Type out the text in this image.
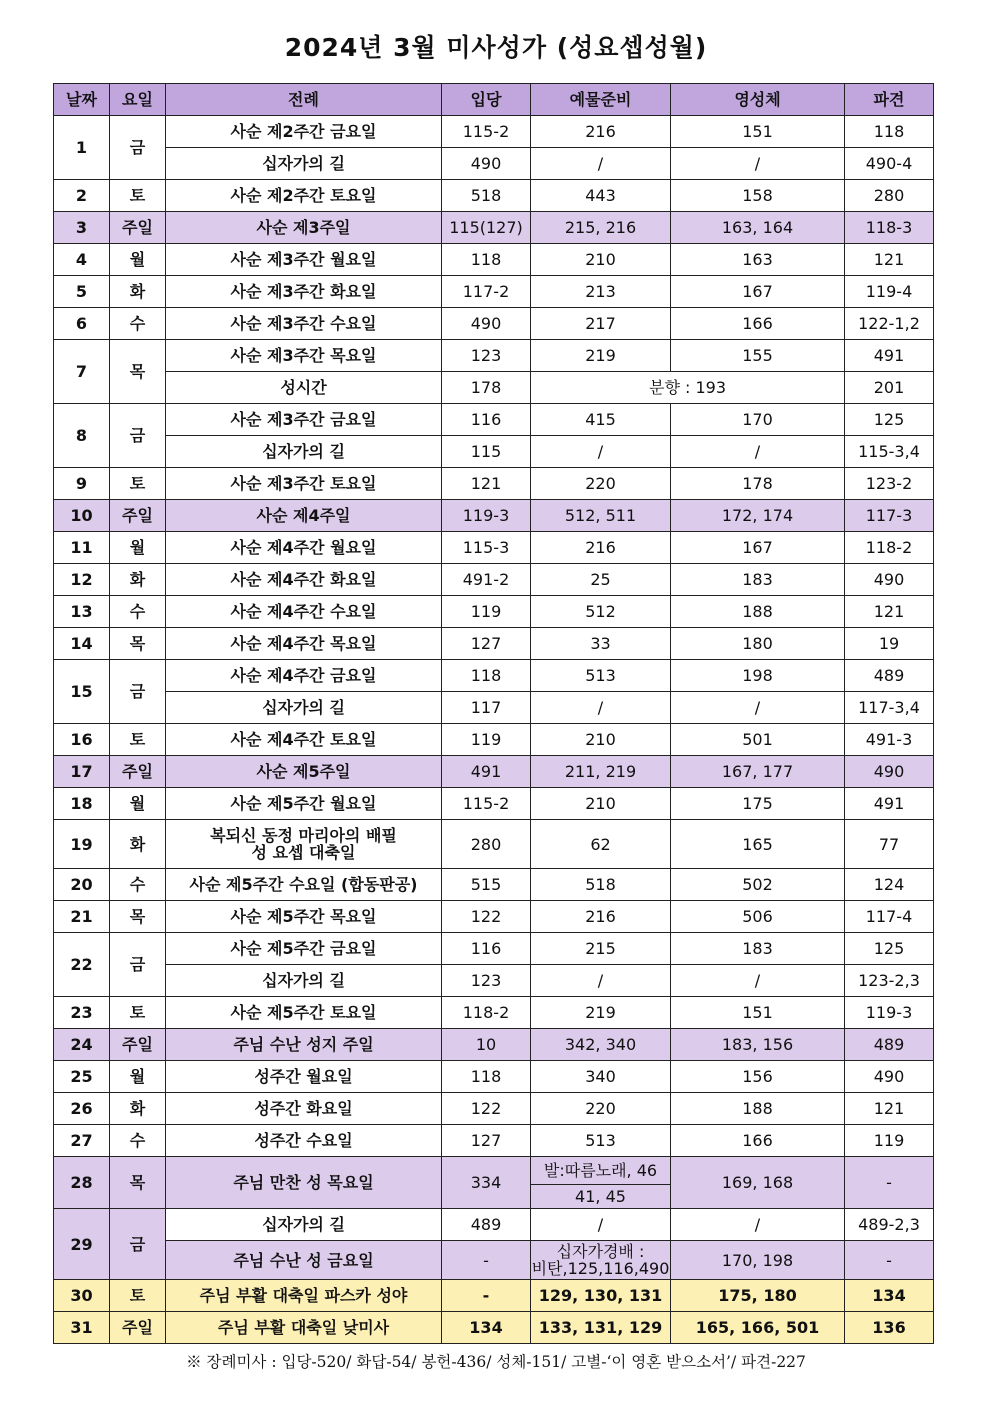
2024년 3월 미사성가 (성요셉성월)
날짜	요일	전례	입당	예물준비	영성체	파견
1	금	사순 제2주간 금요일	115-2	216	151	118
		십자가의 길	490	/	/	490-4
2	토	사순 제2주간 토요일	518	443	158	280
3	주일	사순 제3주일	115(127)	215, 216	163, 164	118-3
4	월	사순 제3주간 월요일	118	210	163	121
5	화	사순 제3주간 화요일	117-2	213	167	119-4
6	수	사순 제3주간 수요일	490	217	166	122-1,2
7	목	사순 제3주간 목요일	123	219	155	491
		성시간	178	분향 : 193		201
8	금	사순 제3주간 금요일	116	415	170	125
		십자가의 길	115	/	/	115-3,4
9	토	사순 제3주간 토요일	121	220	178	123-2
10	주일	사순 제4주일	119-3	512, 511	172, 174	117-3
11	월	사순 제4주간 월요일	115-3	216	167	118-2
12	화	사순 제4주간 화요일	491-2	25	183	490
13	수	사순 제4주간 수요일	119	512	188	121
14	목	사순 제4주간 목요일	127	33	180	19
15	금	사순 제4주간 금요일	118	513	198	489
		십자가의 길	117	/	/	117-3,4
16	토	사순 제4주간 토요일	119	210	501	491-3
17	주일	사순 제5주일	491	211, 219	167, 177	490
18	월	사순 제5주간 월요일	115-2	210	175	491
19	화	복되신 동정 마리아의 배필
성 요셉 대축일	280	62	165	77
20	수	사순 제5주간 수요일 (합동판공)	515	518	502	124
21	목	사순 제5주간 목요일	122	216	506	117-4
22	금	사순 제5주간 금요일	116	215	183	125
		십자가의 길	123	/	/	123-2,3
23	토	사순 제5주간 토요일	118-2	219	151	119-3
24	주일	주님 수난 성지 주일	10	342, 340	183, 156	489
25	월	성주간 월요일	118	340	156	490
26	화	성주간 화요일	122	220	188	121
27	수	성주간 수요일	127	513	166	119
28	목	주님 만찬 성 목요일	334	발:따름노래, 46	169, 168	-
				41, 45		
29	금	십자가의 길	489	/	/	489-2,3
		주님 수난 성 금요일	-	십자가경배 :
비탄,125,116,490	170, 198	-
30	토	주님 부활 대축일 파스카 성야	-	129, 130, 131	175, 180	134
31	주일	주님 부활 대축일 낮미사	134	133, 131, 129	165, 166, 501	136
※ 장례미사 : 입당-520/ 화답-54/ 봉헌-436/ 성체-151/ 고별-‘이 영혼 받으소서’/ 파견-227
